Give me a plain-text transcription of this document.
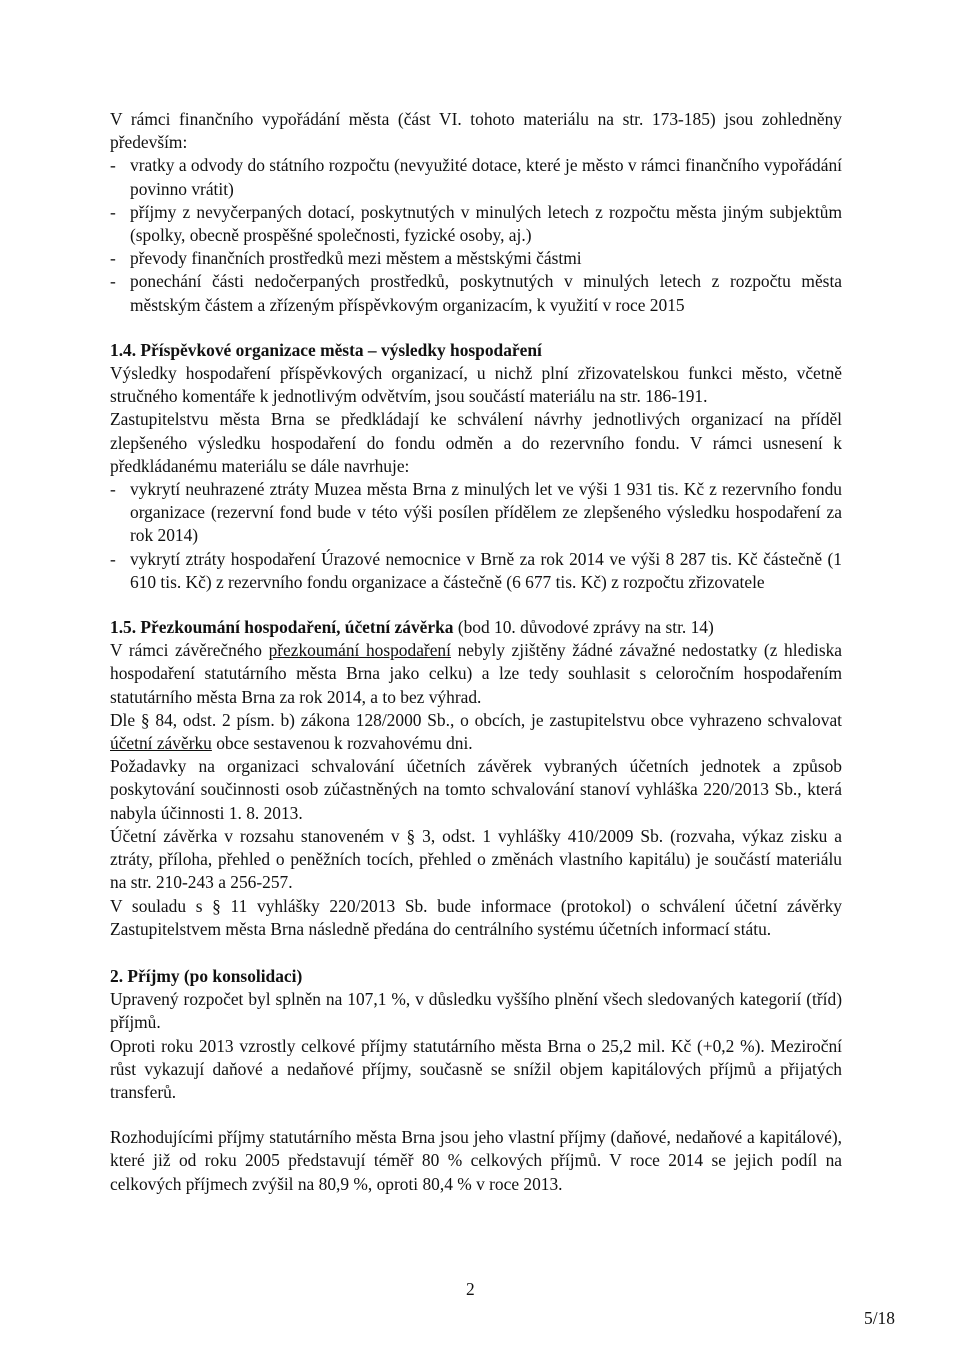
V rámci finančního vypořádání města (část VI. tohoto materiálu na str. 173-185) jsou zohledněny především:

- vratky a odvody do státního rozpočtu (nevyužité dotace, které je město v rámci finančního vypořádání povinno vrátit)
- příjmy z nevyčerpaných dotací, poskytnutých v minulých letech z rozpočtu města jiným subjektům (spolky, obecně prospěšné společnosti, fyzické osoby, aj.)
- převody finančních prostředků mezi městem a městskými částmi
- ponechání části nedočerpaných prostředků, poskytnutých v minulých letech z rozpočtu města městským částem a zřízeným příspěvkovým organizacím, k využití v roce 2015
1.4. Příspěvkové organizace města – výsledky hospodaření

Výsledky hospodaření příspěvkových organizací, u nichž plní zřizovatelskou funkci město, včetně stručného komentáře k jednotlivým odvětvím, jsou součástí materiálu na str. 186-191.

Zastupitelstvu města Brna se předkládají ke schválení návrhy jednotlivých organizací na příděl zlepšeného výsledku hospodaření do fondu odměn a do rezervního fondu. V rámci usnesení k předkládanému materiálu se dále navrhuje:

- vykrytí neuhrazené ztráty Muzea města Brna z minulých let ve výši 1 931 tis. Kč z rezervního fondu organizace (rezervní fond bude v této výši posílen přídělem ze zlepšeného výsledku hospodaření za rok 2014)
- vykrytí ztráty hospodaření Úrazové nemocnice v Brně za rok 2014 ve výši 8 287 tis. Kč částečně (1 610 tis. Kč) z rezervního fondu organizace a částečně (6 677 tis. Kč) z rozpočtu zřizovatele
1.5. Přezkoumání hospodaření, účetní závěrka (bod 10. důvodové zprávy na str. 14)

V rámci závěrečného přezkoumání hospodaření nebyly zjištěny žádné závažné nedostatky (z hlediska hospodaření statutárního města Brna jako celku) a lze tedy souhlasit s celoročním hospodařením statutárního města Brna za rok 2014, a to bez výhrad.

Dle § 84, odst. 2 písm. b) zákona 128/2000 Sb., o obcích, je zastupitelstvu obce vyhrazeno schvalovat účetní závěrku obce sestavenou k rozvahovému dni.

Požadavky na organizaci schvalování účetních závěrek vybraných účetních jednotek a způsob poskytování součinnosti osob zúčastněných na tomto schvalování stanoví vyhláška 220/2013 Sb., která nabyla účinnosti 1. 8. 2013.

Účetní závěrka v rozsahu stanoveném v § 3, odst. 1 vyhlášky 410/2009 Sb. (rozvaha, výkaz zisku a ztráty, příloha, přehled o peněžních tocích, přehled o změnách vlastního kapitálu) je součástí materiálu na str. 210-243 a 256-257.

V souladu s § 11 vyhlášky 220/2013 Sb. bude informace (protokol) o schválení účetní závěrky Zastupitelstvem města Brna následně předána do centrálního systému účetních informací státu.

2. Příjmy (po konsolidaci)

Upravený rozpočet byl splněn na 107,1 %, v důsledku vyššího plnění všech sledovaných kategorií (tříd) příjmů.

Oproti roku 2013 vzrostly celkové příjmy statutárního města Brna o 25,2 mil. Kč (+0,2 %). Meziroční růst vykazují daňové a nedaňové příjmy, současně se snížil objem kapitálových příjmů a přijatých transferů.

Rozhodujícími příjmy statutárního města Brna jsou jeho vlastní příjmy (daňové, nedaňové a kapitálové), které již od roku 2005 představují téměř 80 % celkových příjmů. V roce 2014 se jejich podíl na celkových příjmech zvýšil na 80,9 %, oproti 80,4 % v roce 2013.

2
5/18
